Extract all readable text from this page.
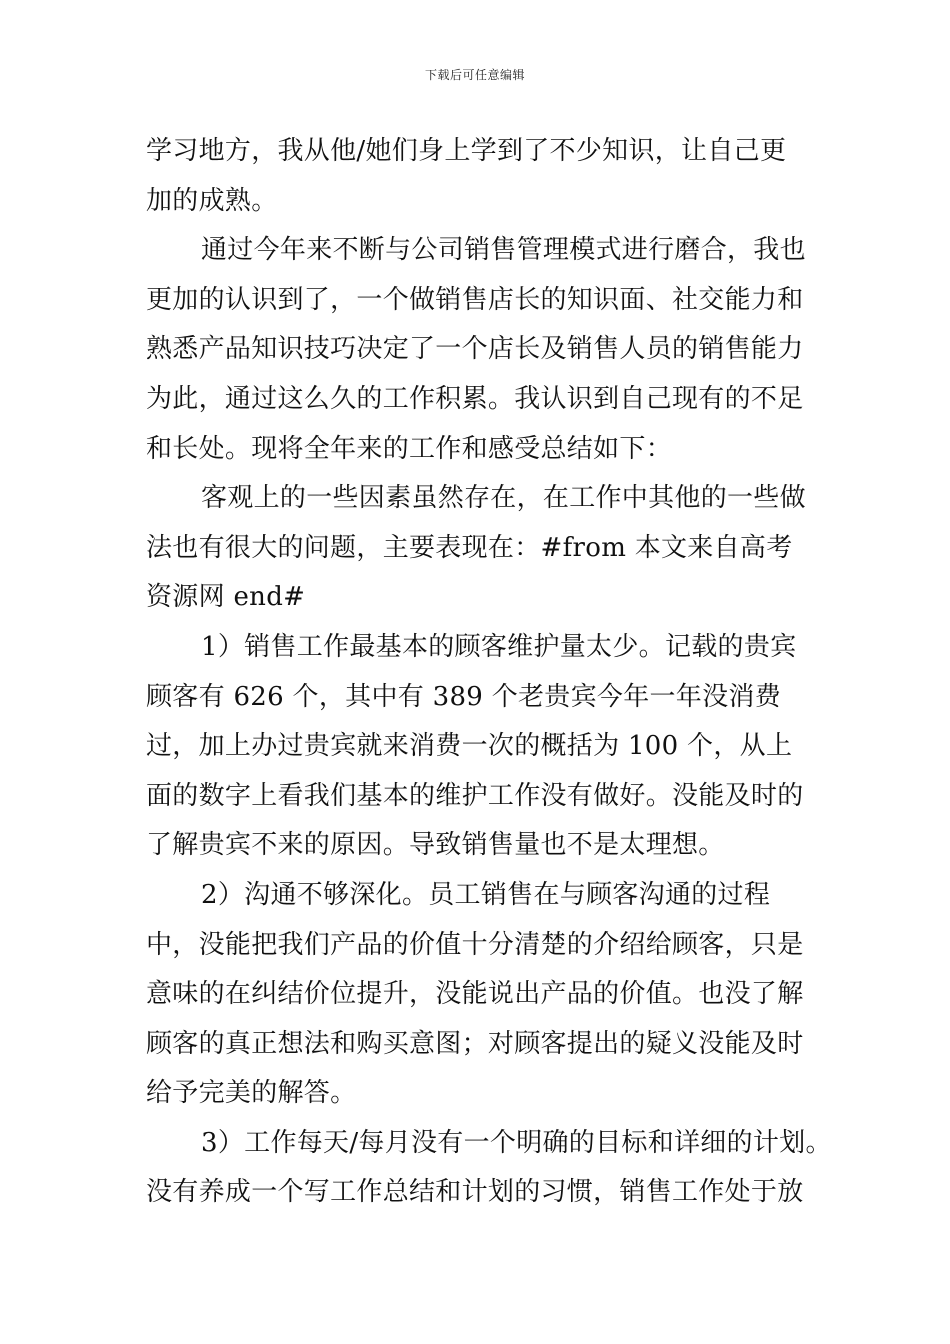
下载后可任意编辑

学习地方，我从他/她们身上学到了不少知识，让自己更加的成熟。

通过今年来不断与公司销售管理模式进行磨合，我也更加的认识到了，一个做销售店长的知识面、社交能力和熟悉产品知识技巧决定了一个店长及销售人员的销售能力为此，通过这么久的工作积累。我认识到自己现有的不足和长处。现将全年来的工作和感受总结如下：

客观上的一些因素虽然存在，在工作中其他的一些做法也有很大的问题，主要表现在：#from 本文来自高考资源网 end#

1）销售工作最基本的顾客维护量太少。记载的贵宾顾客有 626 个，其中有 389 个老贵宾今年一年没消费过，加上办过贵宾就来消费一次的概括为 100 个，从上面的数字上看我们基本的维护工作没有做好。没能及时的了解贵宾不来的原因。导致销售量也不是太理想。

2）沟通不够深化。员工销售在与顾客沟通的过程中，没能把我们产品的价值十分清楚的介绍给顾客，只是意味的在纠结价位提升，没能说出产品的价值。也没了解顾客的真正想法和购买意图；对顾客提出的疑义没能及时给予完美的解答。

3）工作每天/每月没有一个明确的目标和详细的计划。没有养成一个写工作总结和计划的习惯，销售工作处于放
